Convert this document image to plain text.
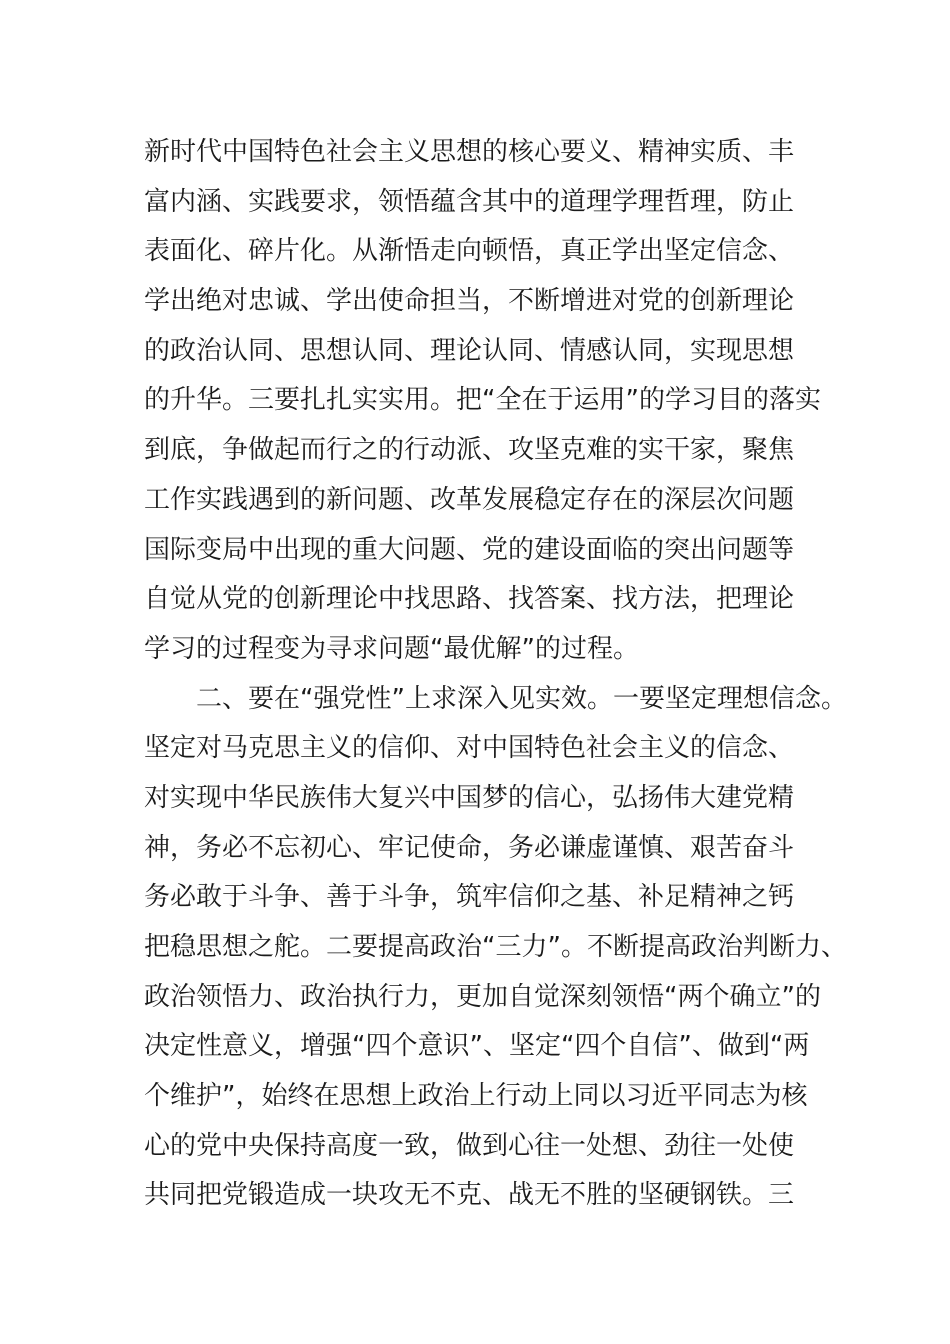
新时代中国特色社会主义思想的核心要义、精神实质、丰
富内涵、实践要求，领悟蕴含其中的道理学理哲理，防止
表面化、碎片化。从渐悟走向顿悟，真正学出坚定信念、
学出绝对忠诚、学出使命担当，不断增进对党的创新理论
的政治认同、思想认同、理论认同、情感认同，实现思想
的升华。三要扎扎实实用。把“全在于运用”的学习目的落实
到底，争做起而行之的行动派、攻坚克难的实干家，聚焦
工作实践遇到的新问题、改革发展稳定存在的深层次问题
国际变局中出现的重大问题、党的建设面临的突出问题等
自觉从党的创新理论中找思路、找答案、找方法，把理论
学习的过程变为寻求问题“最优解”的过程。
二、要在“强党性”上求深入见实效。一要坚定理想信念。
坚定对马克思主义的信仰、对中国特色社会主义的信念、
对实现中华民族伟大复兴中国梦的信心，弘扬伟大建党精
神，务必不忘初心、牢记使命，务必谦虚谨慎、艰苦奋斗
务必敢于斗争、善于斗争，筑牢信仰之基、补足精神之钙
把稳思想之舵。二要提高政治“三力”。不断提高政治判断力、
政治领悟力、政治执行力，更加自觉深刻领悟“两个确立”的
决定性意义，增强“四个意识”、坚定“四个自信”、做到“两
个维护”，始终在思想上政治上行动上同以习近平同志为核
心的党中央保持高度一致，做到心往一处想、劲往一处使
共同把党锻造成一块攻无不克、战无不胜的坚硬钢铁。三
